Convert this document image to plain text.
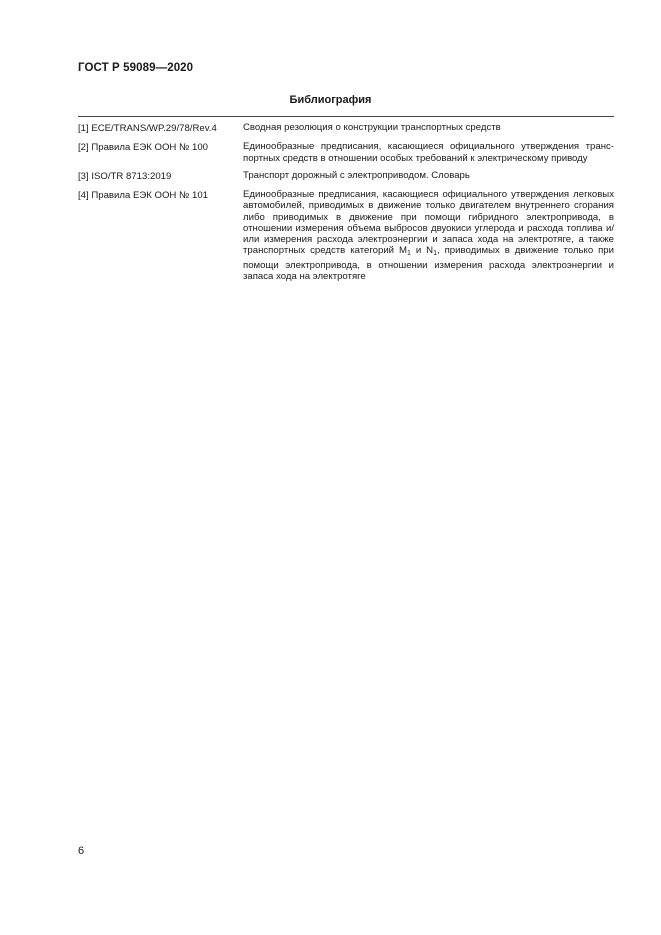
ГОСТ Р 59089—2020
Библиография
[1] ECE/TRANS/WP.29/78/Rev.4	Сводная резолюция о конструкции транспортных средств
[2] Правила ЕЭК ООН № 100	Единообразные предписания, касающиеся официального утверждения транс-портных средств в отношении особых требований к электрическому приводу
[3] ISO/TR 8713:2019	Транспорт дорожный с электроприводом. Словарь
[4] Правила ЕЭК ООН № 101	Единообразные предписания, касающиеся официального утверждения легковых автомобилей, приводимых в движение только двигателем внутреннего сгорания либо приводимых в движение при помощи гибридного электропривода, в отношении измерения объема выбросов двуокиси углерода и расхода топлива и/или измерения расхода электроэнергии и запаса хода на электротяге, а также транспортных средств категорий $M_1$ и $N_1$, приводимых в движение только при помощи электропривода, в отношении измерения расхода электроэнергии и запаса хода на электротяге
6
